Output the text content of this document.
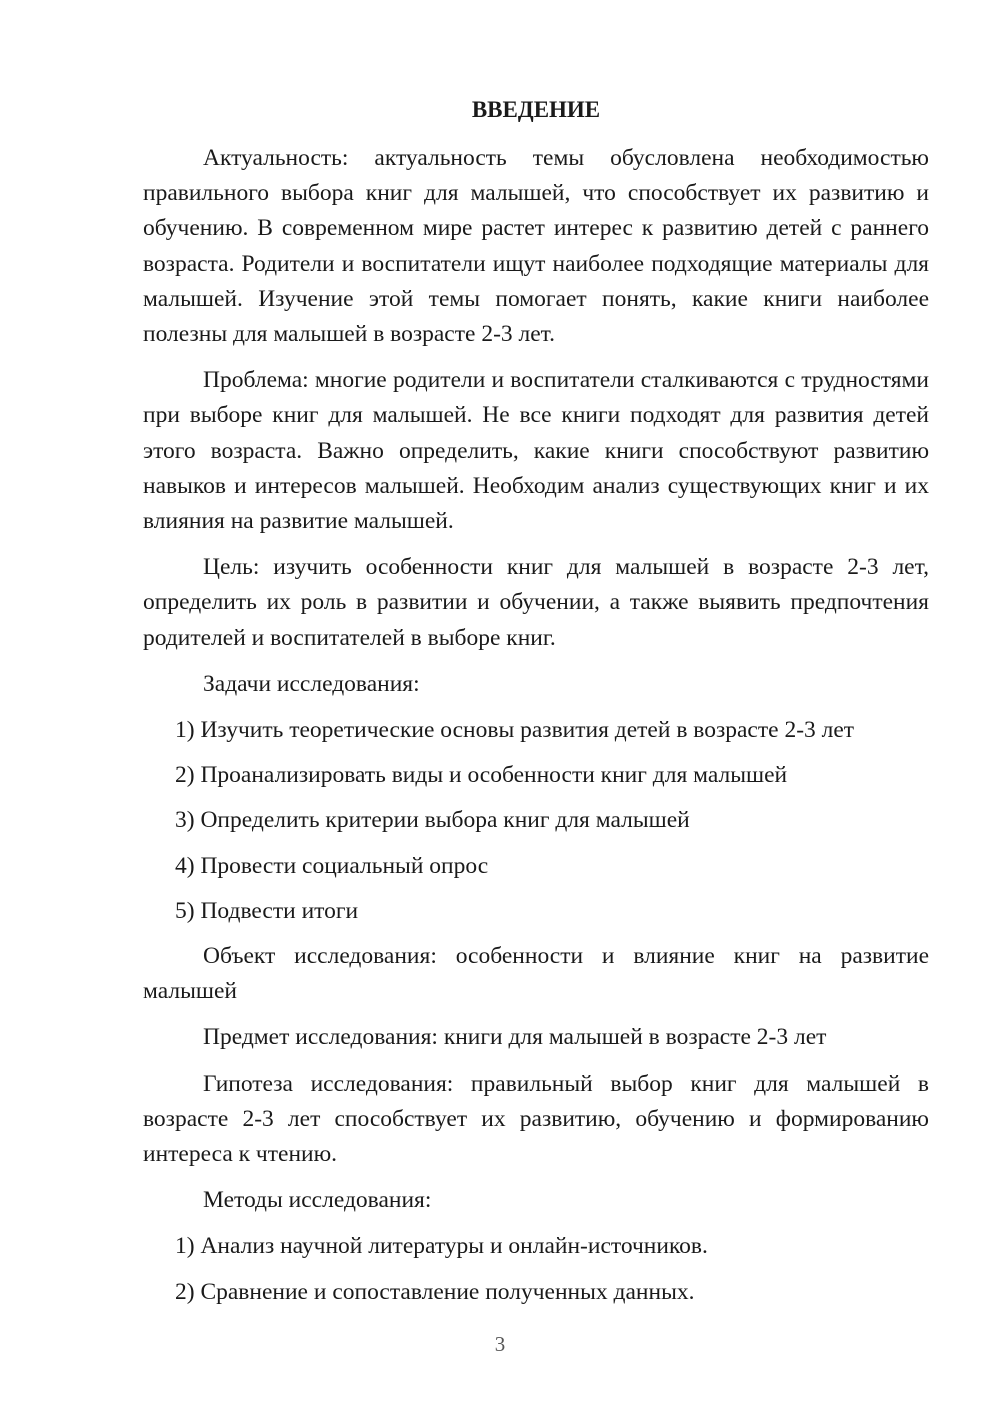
ВВЕДЕНИЕ

Актуальность: актуальность темы обусловлена необходимостью правильного выбора книг для малышей, что способствует их развитию и обучению. В современном мире растет интерес к развитию детей с раннего возраста. Родители и воспитатели ищут наиболее подходящие материалы для малышей. Изучение этой темы помогает понять, какие книги наиболее полезны для малышей в возрасте 2-3 лет.

Проблема: многие родители и воспитатели сталкиваются с трудностями при выборе книг для малышей. Не все книги подходят для развития детей этого возраста. Важно определить, какие книги способствуют развитию навыков и интересов малышей. Необходим анализ существующих книг и их влияния на развитие малышей.

Цель: изучить особенности книг для малышей в возрасте 2-3 лет, определить их роль в развитии и обучении, а также выявить предпочтения родителей и воспитателей в выборе книг.

Задачи исследования:

1) Изучить теоретические основы развития детей в возрасте 2-3 лет
2) Проанализировать виды и особенности книг для малышей
3) Определить критерии выбора книг для малышей
4) Провести социальный опрос
5) Подвести итоги

Объект исследования: особенности и влияние книг на развитие малышей

Предмет исследования: книги для малышей в возрасте 2-3 лет

Гипотеза исследования: правильный выбор книг для малышей в возрасте 2-3 лет способствует их развитию, обучению и формированию интереса к чтению.

Методы исследования:

1) Анализ научной литературы и онлайн-источников.
2) Сравнение и сопоставление полученных данных.
3
